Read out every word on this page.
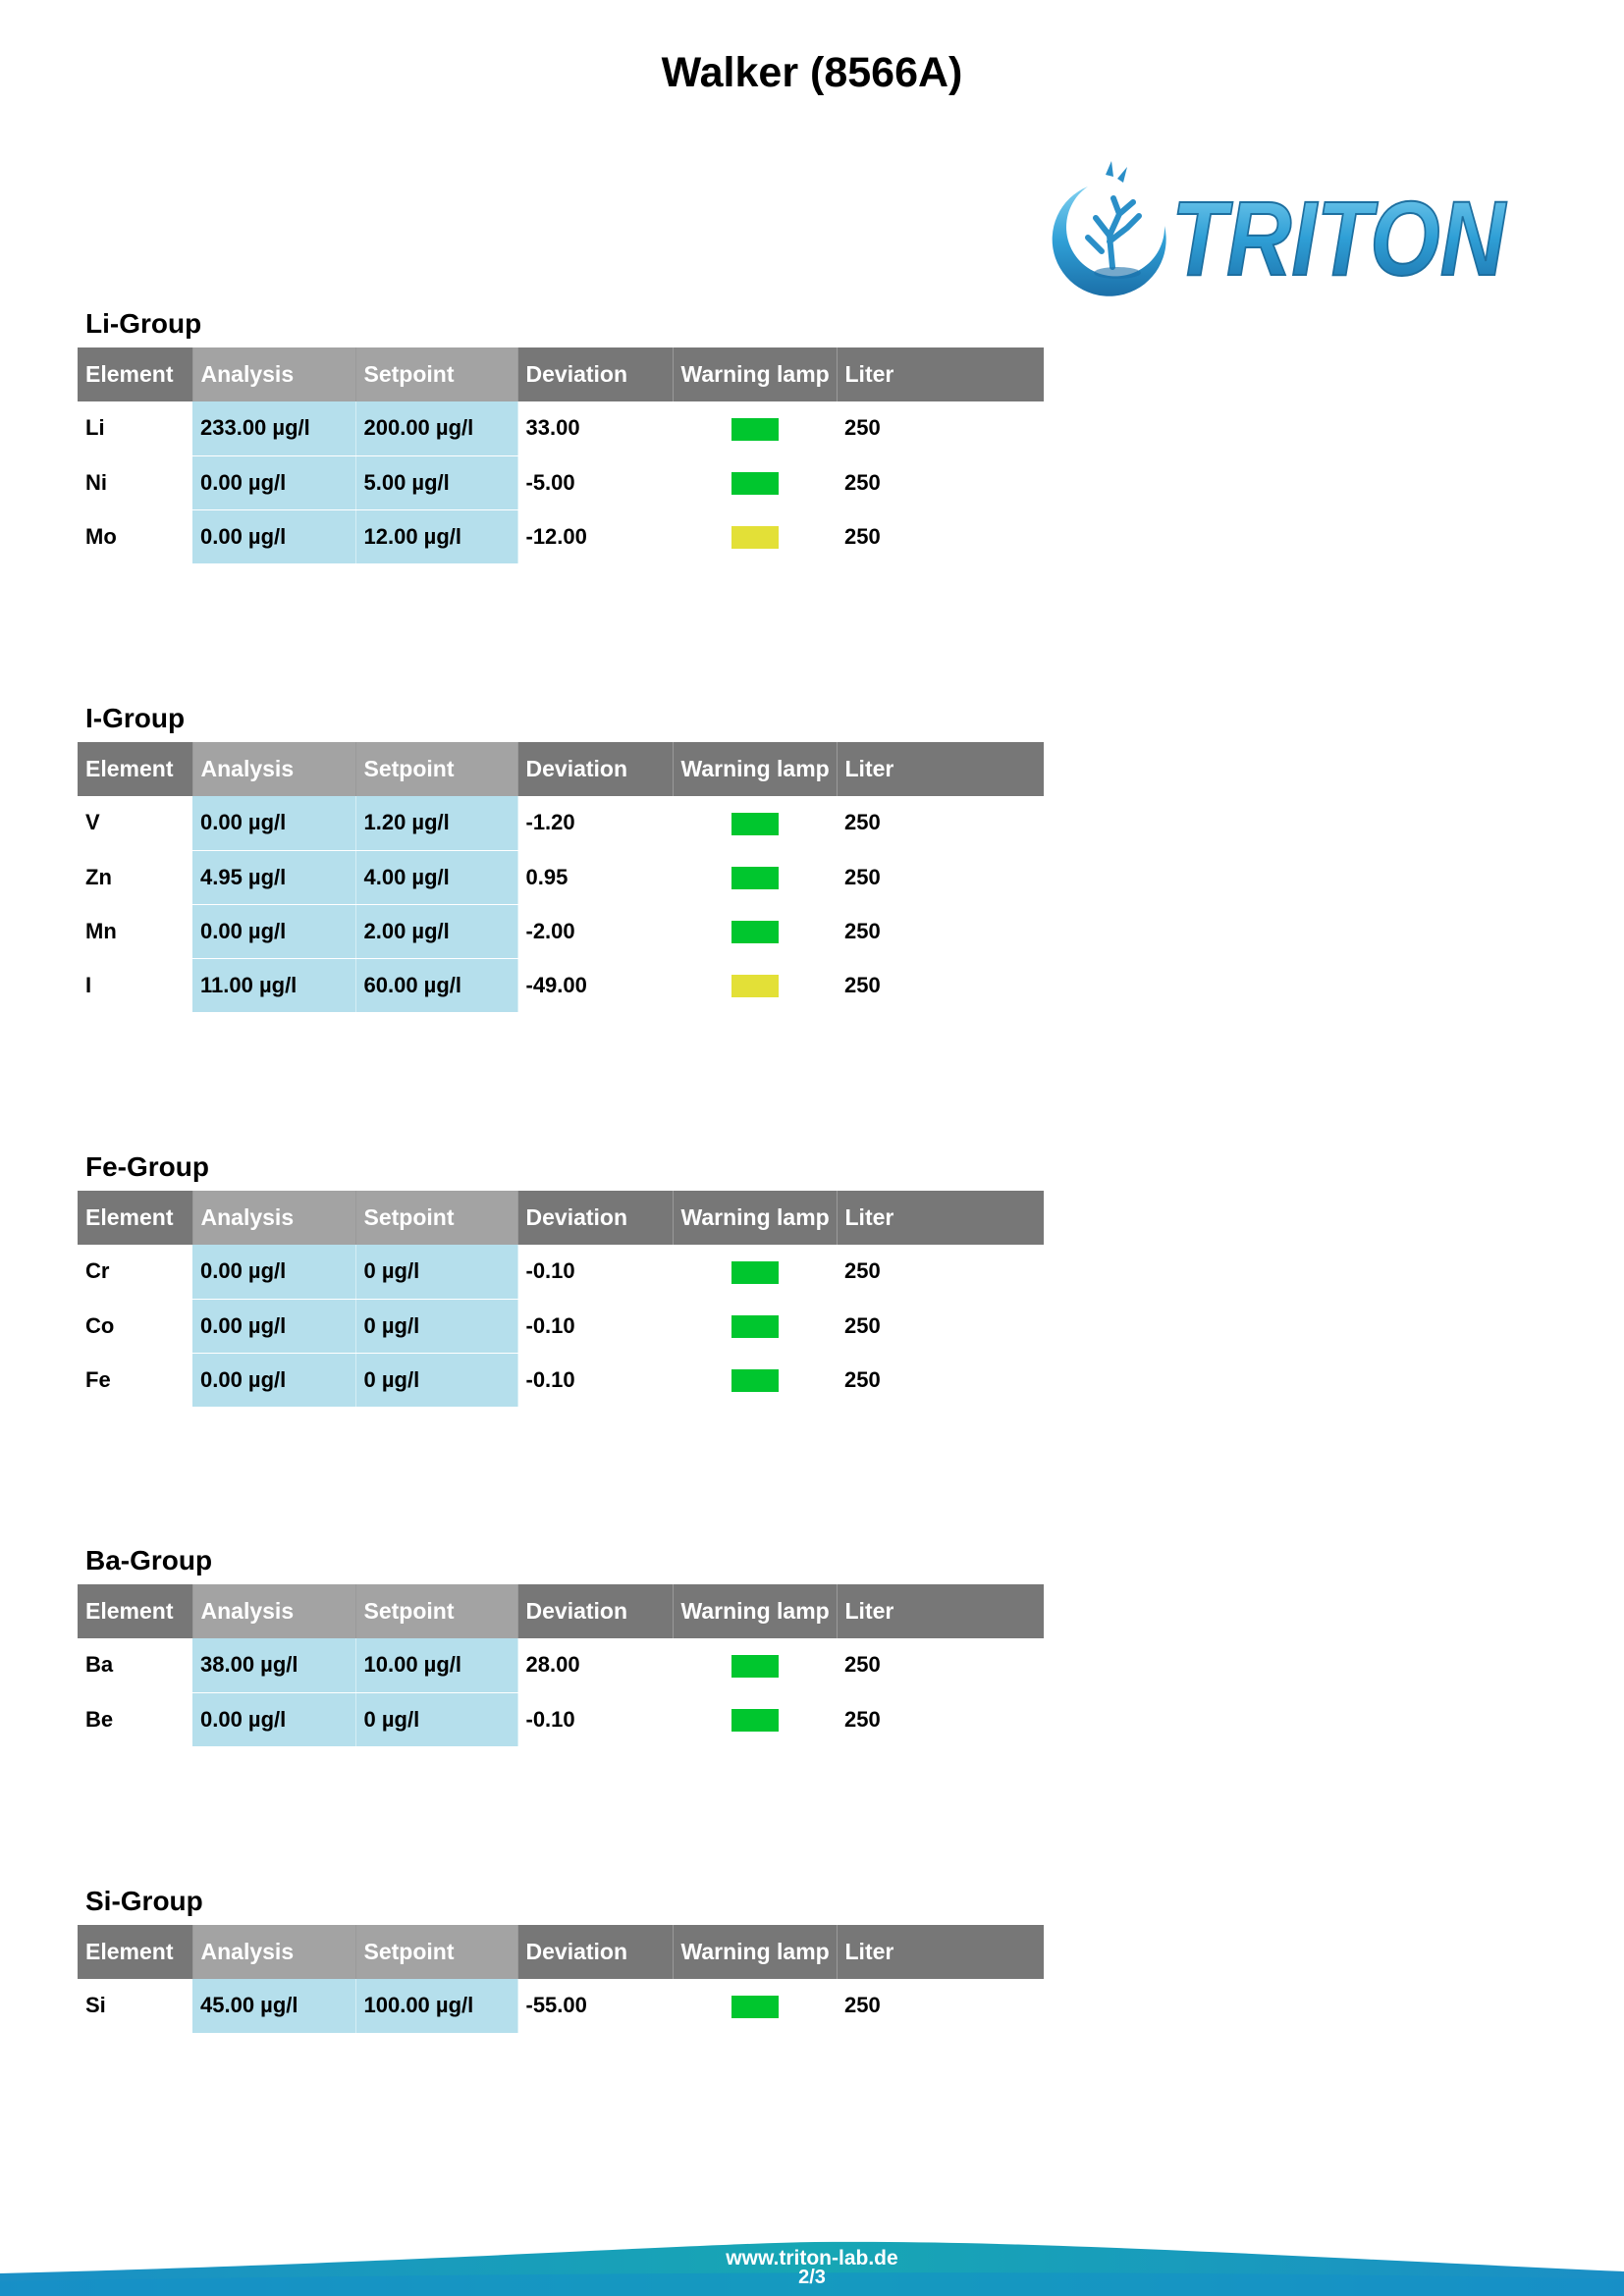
Walker (8566A)
TRITON
Li-Group
Element	Analysis	Setpoint	Deviation	Warning lamp	Liter
Li	233.00 µg/l	200.00 µg/l	33.00		250
Ni	0.00 µg/l	5.00 µg/l	-5.00		250
Mo	0.00 µg/l	12.00 µg/l	-12.00		250
I-Group
Element	Analysis	Setpoint	Deviation	Warning lamp	Liter
V	0.00 µg/l	1.20 µg/l	-1.20		250
Zn	4.95 µg/l	4.00 µg/l	0.95		250
Mn	0.00 µg/l	2.00 µg/l	-2.00		250
I	11.00 µg/l	60.00 µg/l	-49.00		250
Fe-Group
Element	Analysis	Setpoint	Deviation	Warning lamp	Liter
Cr	0.00 µg/l	0 µg/l	-0.10		250
Co	0.00 µg/l	0 µg/l	-0.10		250
Fe	0.00 µg/l	0 µg/l	-0.10		250
Ba-Group
Element	Analysis	Setpoint	Deviation	Warning lamp	Liter
Ba	38.00 µg/l	10.00 µg/l	28.00		250
Be	0.00 µg/l	0 µg/l	-0.10		250
Si-Group
Element	Analysis	Setpoint	Deviation	Warning lamp	Liter
Si	45.00 µg/l	100.00 µg/l	-55.00		250
www.triton-lab.de
2/3
